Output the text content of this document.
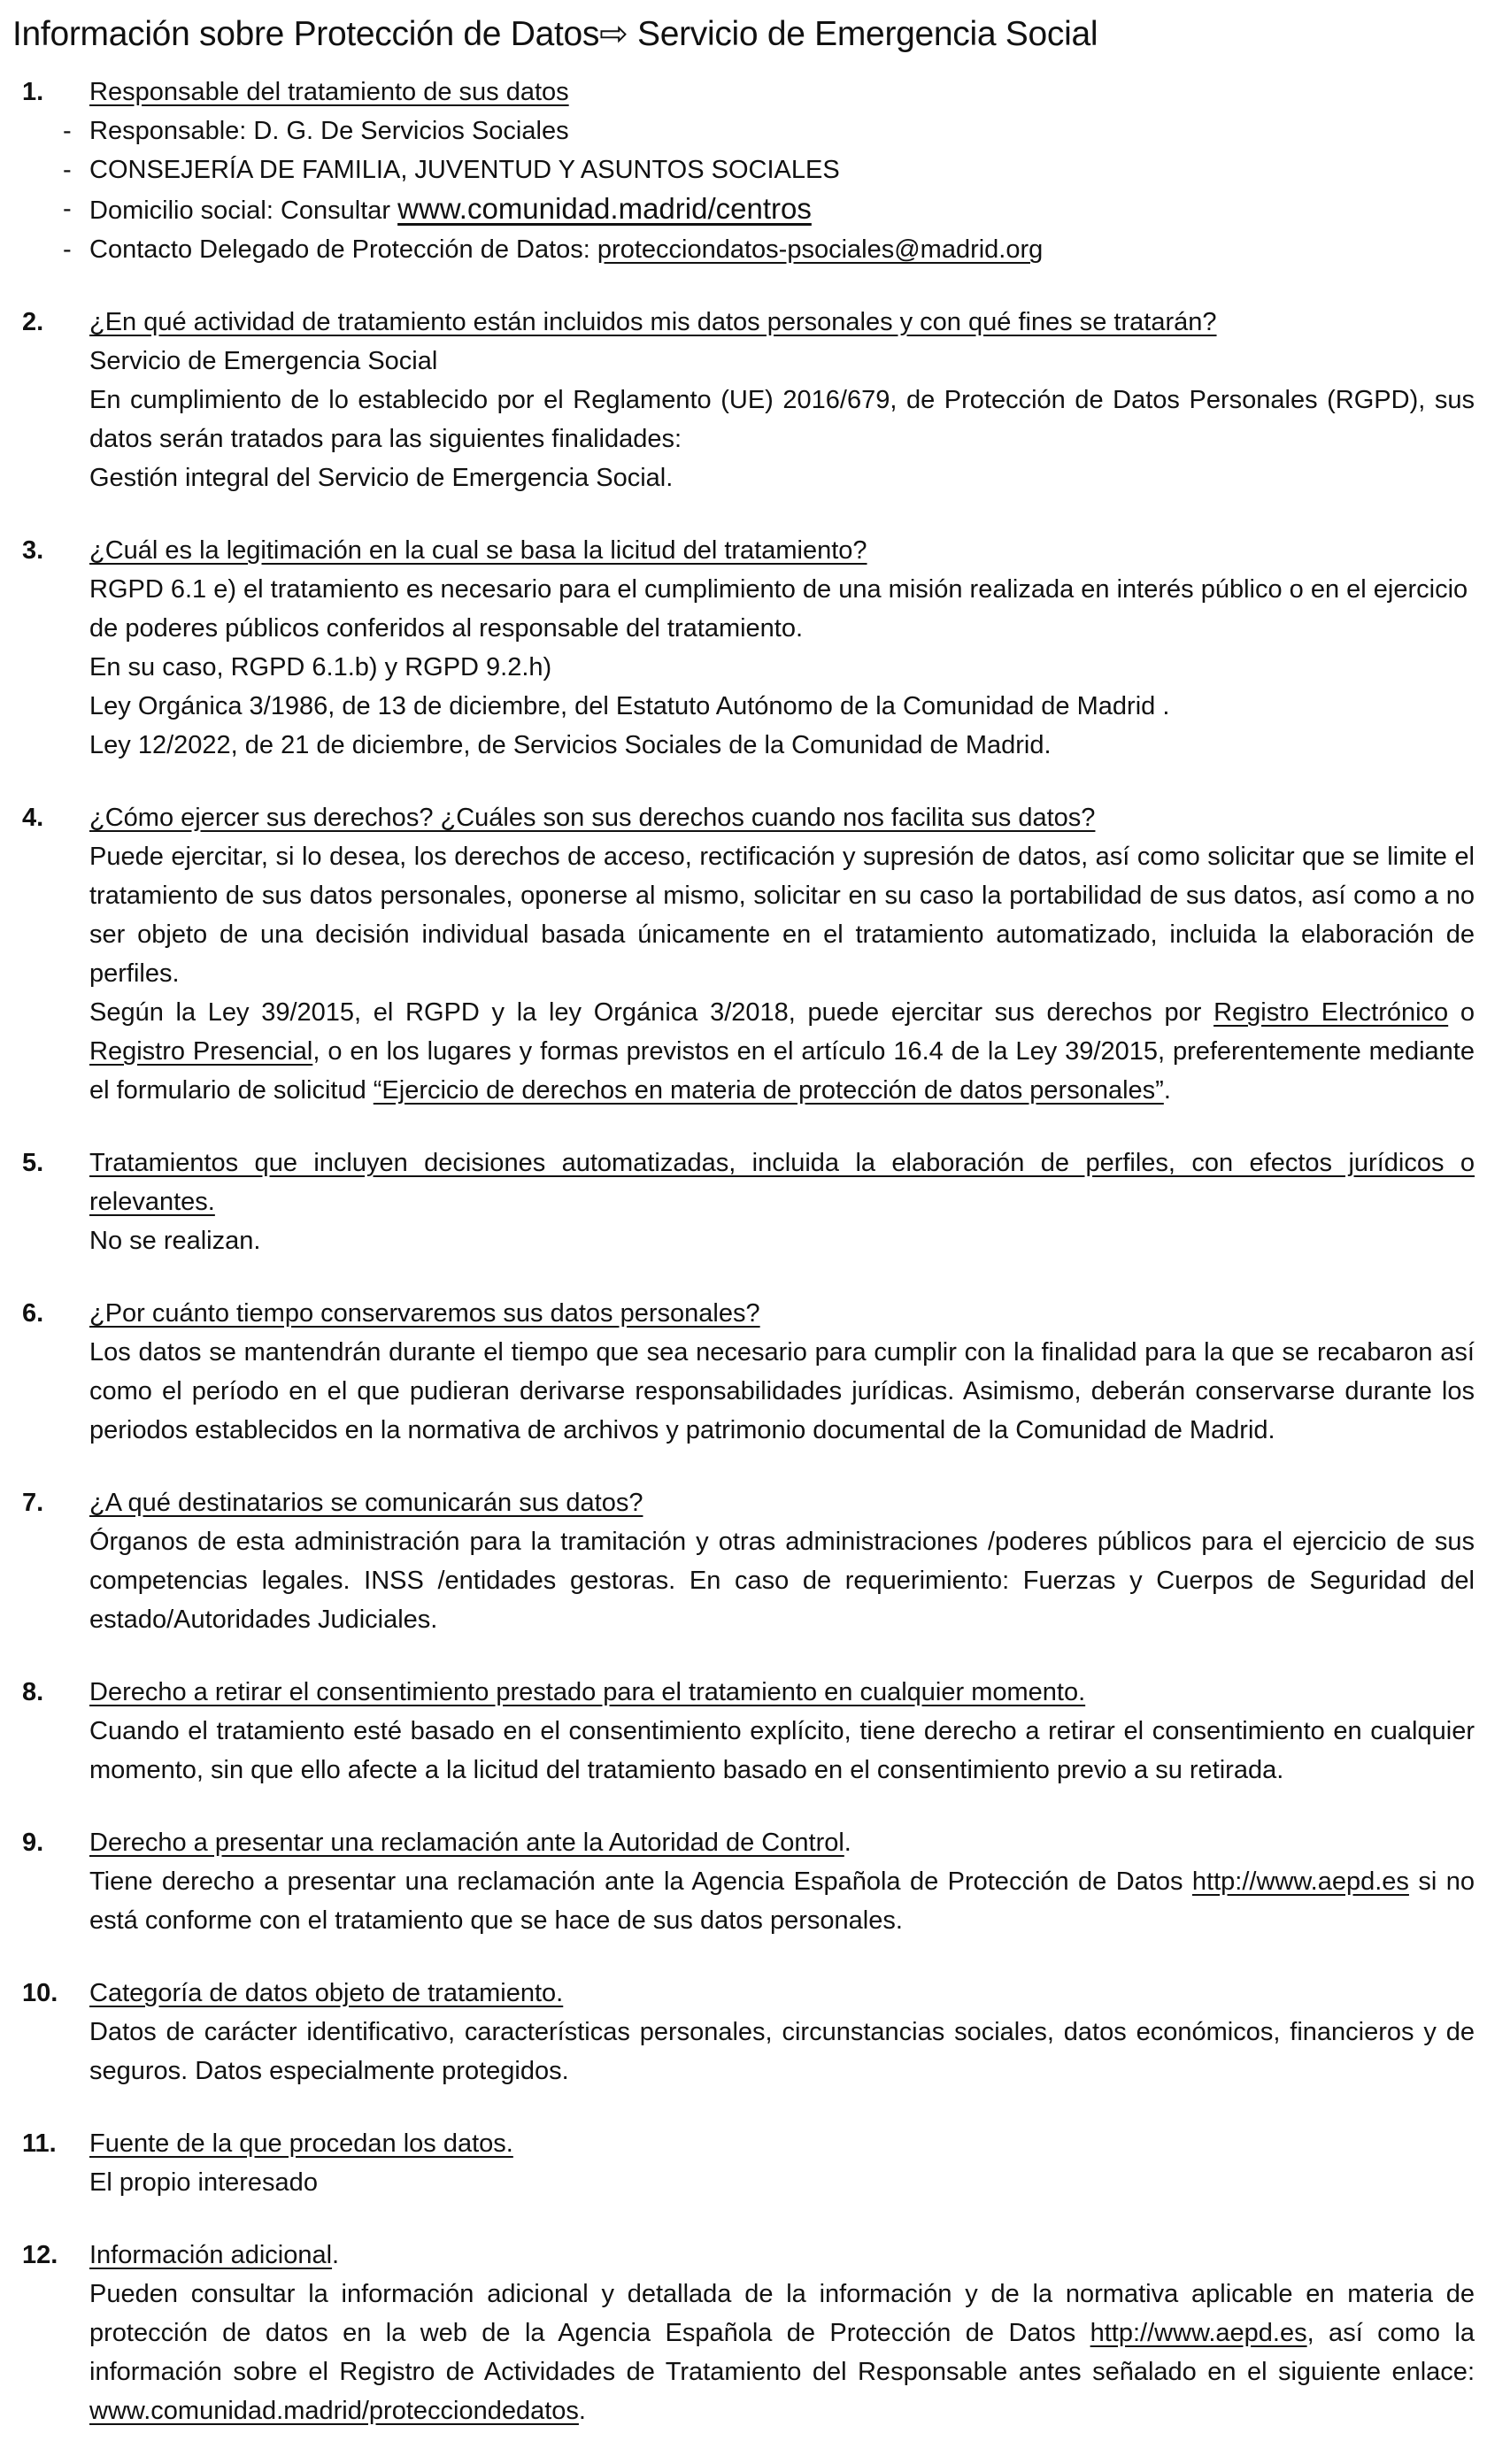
Información sobre Protección de Datos⇨ Servicio de Emergencia Social
1. Responsable del tratamiento de sus datos
- Responsable: D. G. De Servicios Sociales
- CONSEJERÍA DE FAMILIA, JUVENTUD Y ASUNTOS SOCIALES
- Domicilio social: Consultar www.comunidad.madrid/centros
- Contacto Delegado de Protección de Datos: protecciondatos-psociales@madrid.org
2. ¿En qué actividad de tratamiento están incluidos mis datos personales y con qué fines se tratarán?
Servicio de Emergencia Social
En cumplimiento de lo establecido por el Reglamento (UE) 2016/679, de Protección de Datos Personales (RGPD), sus datos serán tratados para las siguientes finalidades:
Gestión integral del Servicio de Emergencia Social.
3. ¿Cuál es la legitimación en la cual se basa la licitud del tratamiento?
RGPD 6.1 e) el tratamiento es necesario para el cumplimiento de una misión realizada en interés público o en el ejercicio de poderes públicos conferidos al responsable del tratamiento.
En su caso, RGPD 6.1.b) y RGPD 9.2.h)
Ley Orgánica 3/1986, de 13 de diciembre, del Estatuto Autónomo de la Comunidad de Madrid .
Ley 12/2022, de 21 de diciembre, de Servicios Sociales de la Comunidad de Madrid.
4. ¿Cómo ejercer sus derechos? ¿Cuáles son sus derechos cuando nos facilita sus datos?
Puede ejercitar, si lo desea, los derechos de acceso, rectificación y supresión de datos, así como solicitar que se limite el tratamiento de sus datos personales, oponerse al mismo, solicitar en su caso la portabilidad de sus datos, así como a no ser objeto de una decisión individual basada únicamente en el tratamiento automatizado, incluida la elaboración de perfiles.
Según la Ley 39/2015, el RGPD y la ley Orgánica 3/2018, puede ejercitar sus derechos por Registro Electrónico o Registro Presencial, o en los lugares y formas previstos en el artículo 16.4 de la Ley 39/2015, preferentemente mediante el formulario de solicitud “Ejercicio de derechos en materia de protección de datos personales”.
5. Tratamientos que incluyen decisiones automatizadas, incluida la elaboración de perfiles, con efectos jurídicos o relevantes.
No se realizan.
6. ¿Por cuánto tiempo conservaremos sus datos personales?
Los datos se mantendrán durante el tiempo que sea necesario para cumplir con la finalidad para la que se recabaron así como el período en el que pudieran derivarse responsabilidades jurídicas. Asimismo, deberán conservarse durante los periodos establecidos en la normativa de archivos y patrimonio documental de la Comunidad de Madrid.
7. ¿A qué destinatarios se comunicarán sus datos?
Órganos de esta administración para la tramitación y otras administraciones /poderes públicos para el ejercicio de sus competencias legales. INSS /entidades gestoras. En caso de requerimiento: Fuerzas y Cuerpos de Seguridad del estado/Autoridades Judiciales.
8. Derecho a retirar el consentimiento prestado para el tratamiento en cualquier momento.
Cuando el tratamiento esté basado en el consentimiento explícito, tiene derecho a retirar el consentimiento en cualquier momento, sin que ello afecte a la licitud del tratamiento basado en el consentimiento previo a su retirada.
9. Derecho a presentar una reclamación ante la Autoridad de Control.
Tiene derecho a presentar una reclamación ante la Agencia Española de Protección de Datos http://www.aepd.es si no está conforme con el tratamiento que se hace de sus datos personales.
10. Categoría de datos objeto de tratamiento.
Datos de carácter identificativo, características personales, circunstancias sociales, datos económicos, financieros y de seguros. Datos especialmente protegidos.
11. Fuente de la que procedan los datos.
El propio interesado
12. Información adicional.
Pueden consultar la información adicional y detallada de la información y de la normativa aplicable en materia de protección de datos en la web de la Agencia Española de Protección de Datos http://www.aepd.es, así como la información sobre el Registro de Actividades de Tratamiento del Responsable antes señalado en el siguiente enlace: www.comunidad.madrid/protecciondedatos.
